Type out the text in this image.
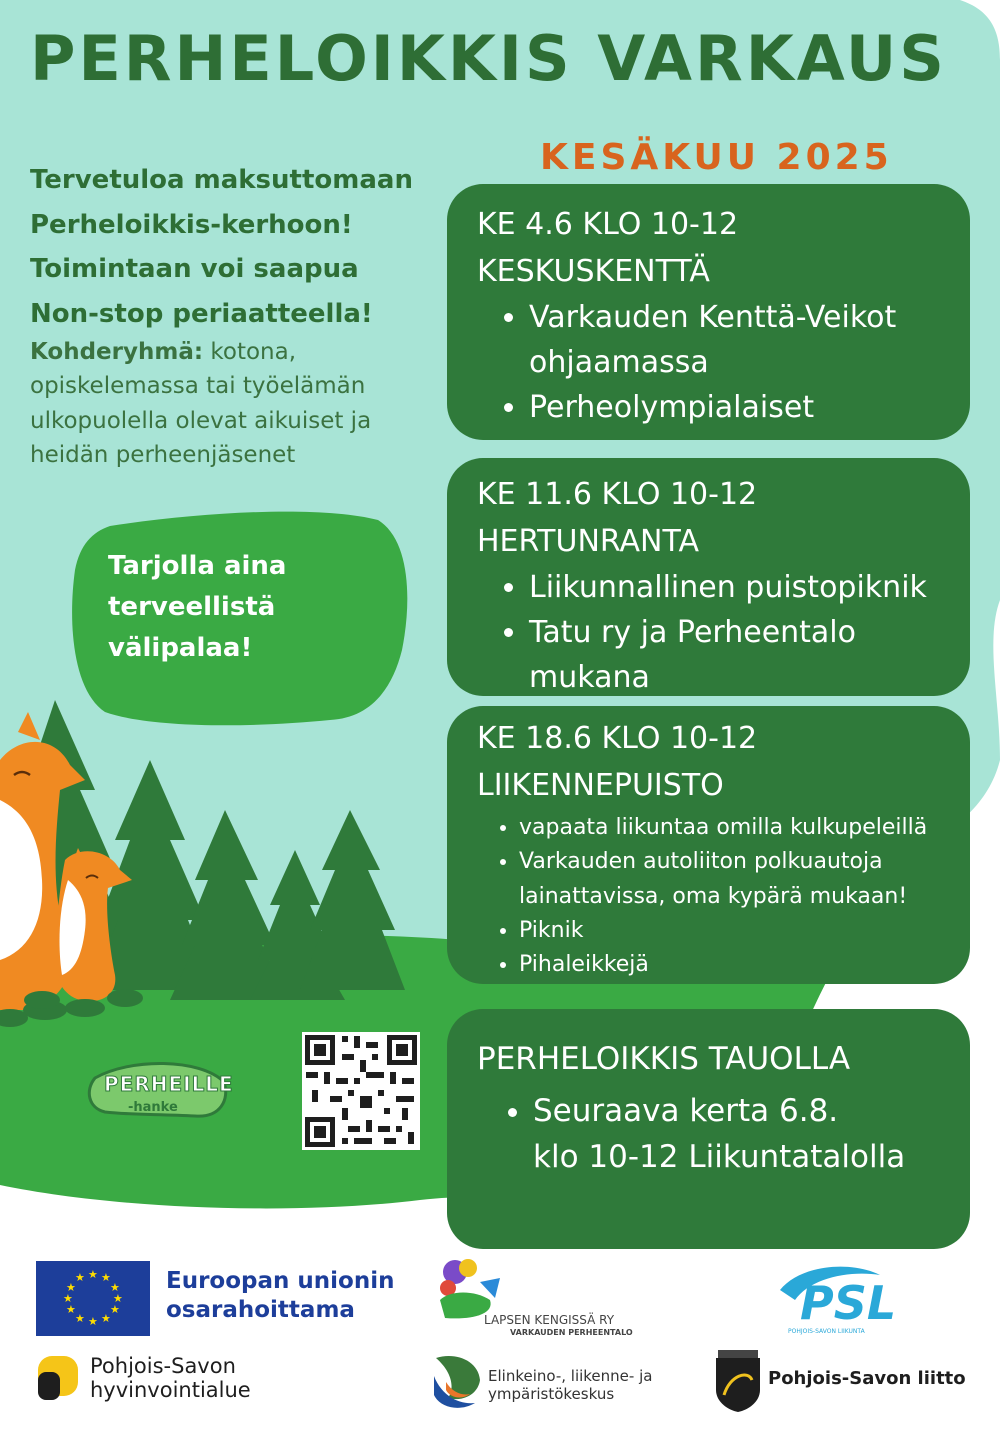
★ ★
★
★
★
★
★
★
★
★
★
★
PERHELOIKKIS VARKAUS
KESÄKUU 2025
Tervetuloa maksuttomaan
Perheloikkis-kerhoon!
Toimintaan voi saapua
Non-stop periaatteella!
Kohderyhmä: kotona, opiskelemassa tai työelämän ulkopuolella olevat aikuiset ja heidän perheenjäsenet
Tarjolla aina
terveellistä
välipalaa!
KE 4.6 KLO 10-12
KESKUSKENTTÄ
• Varkauden Kenttä-Veikot ohjaamassa
• Perheolympialaiset
KE 11.6 KLO 10-12
HERTUNRANTA
• Liikunnallinen puistopiknik
• Tatu ry ja Perheentalo mukana
KE 18.6 KLO 10-12
LIIKENNEPUISTO
• vapaata liikuntaa omilla kulkupeleillä
• Varkauden autoliiton polkuautoja lainattavissa, oma kypärä mukaan!
• Piknik
• Pihaleikkejä
PERHELOIKKIS TAUOLLA
• Seuraava kerta 6.8.
klo 10-12 Liikuntatalolla
PERHEILLE
-hanke
Euroopan unionin
osarahoittama	LAPSEN KENGISSÄ RY
VARKAUDEN PERHEENTALO
PSL
POHJOIS-SAVON LIIKUNTA
Pohjois-Savon
hyvinvointialue
Elinkeino-, liikenne- ja
ympäristökeskus
Pohjois-Savon liitto
